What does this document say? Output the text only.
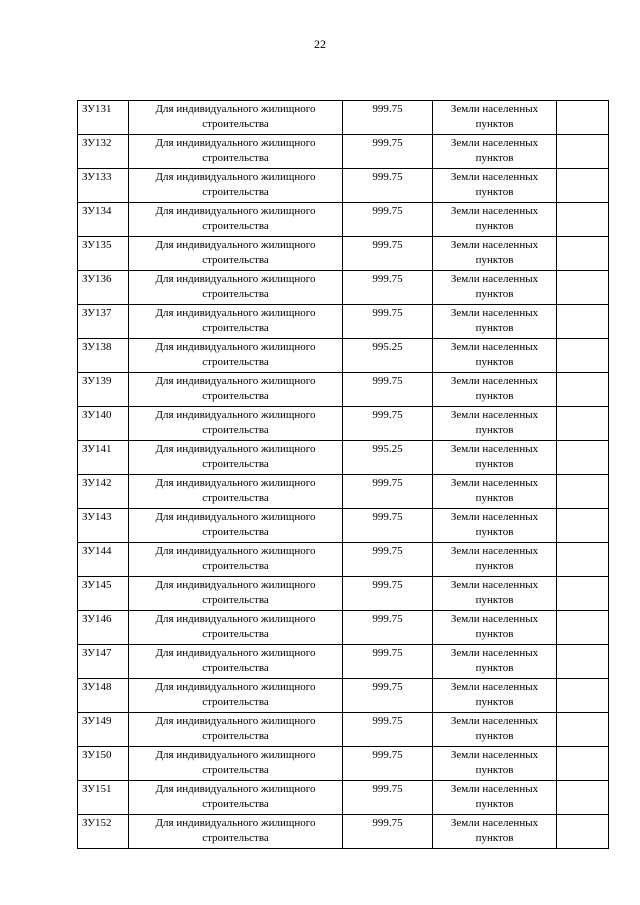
22
ЗУ131	Для индивидуального жилищного
строительства	999.75	Земли населенных
пунктов	

ЗУ132	Для индивидуального жилищного
строительства	999.75	Земли населенных
пунктов	

ЗУ133	Для индивидуального жилищного
строительства	999.75	Земли населенных
пунктов	

ЗУ134	Для индивидуального жилищного
строительства	999.75	Земли населенных
пунктов	

ЗУ135	Для индивидуального жилищного
строительства	999.75	Земли населенных
пунктов	

ЗУ136	Для индивидуального жилищного
строительства	999.75	Земли населенных
пунктов	

ЗУ137	Для индивидуального жилищного
строительства	999.75	Земли населенных
пунктов	

ЗУ138	Для индивидуального жилищного
строительства	995.25	Земли населенных
пунктов	

ЗУ139	Для индивидуального жилищного
строительства	999.75	Земли населенных
пунктов	

ЗУ140	Для индивидуального жилищного
строительства	999.75	Земли населенных
пунктов	

ЗУ141	Для индивидуального жилищного
строительства	995.25	Земли населенных
пунктов	

ЗУ142	Для индивидуального жилищного
строительства	999.75	Земли населенных
пунктов	

ЗУ143	Для индивидуального жилищного
строительства	999.75	Земли населенных
пунктов	

ЗУ144	Для индивидуального жилищного
строительства	999.75	Земли населенных
пунктов	

ЗУ145	Для индивидуального жилищного
строительства	999.75	Земли населенных
пунктов	

ЗУ146	Для индивидуального жилищного
строительства	999.75	Земли населенных
пунктов	

ЗУ147	Для индивидуального жилищного
строительства	999.75	Земли населенных
пунктов	

ЗУ148	Для индивидуального жилищного
строительства	999.75	Земли населенных
пунктов	

ЗУ149	Для индивидуального жилищного
строительства	999.75	Земли населенных
пунктов	

ЗУ150	Для индивидуального жилищного
строительства	999.75	Земли населенных
пунктов	

ЗУ151	Для индивидуального жилищного
строительства	999.75	Земли населенных
пунктов	

ЗУ152	Для индивидуального жилищного
строительства	999.75	Земли населенных
пунктов	
